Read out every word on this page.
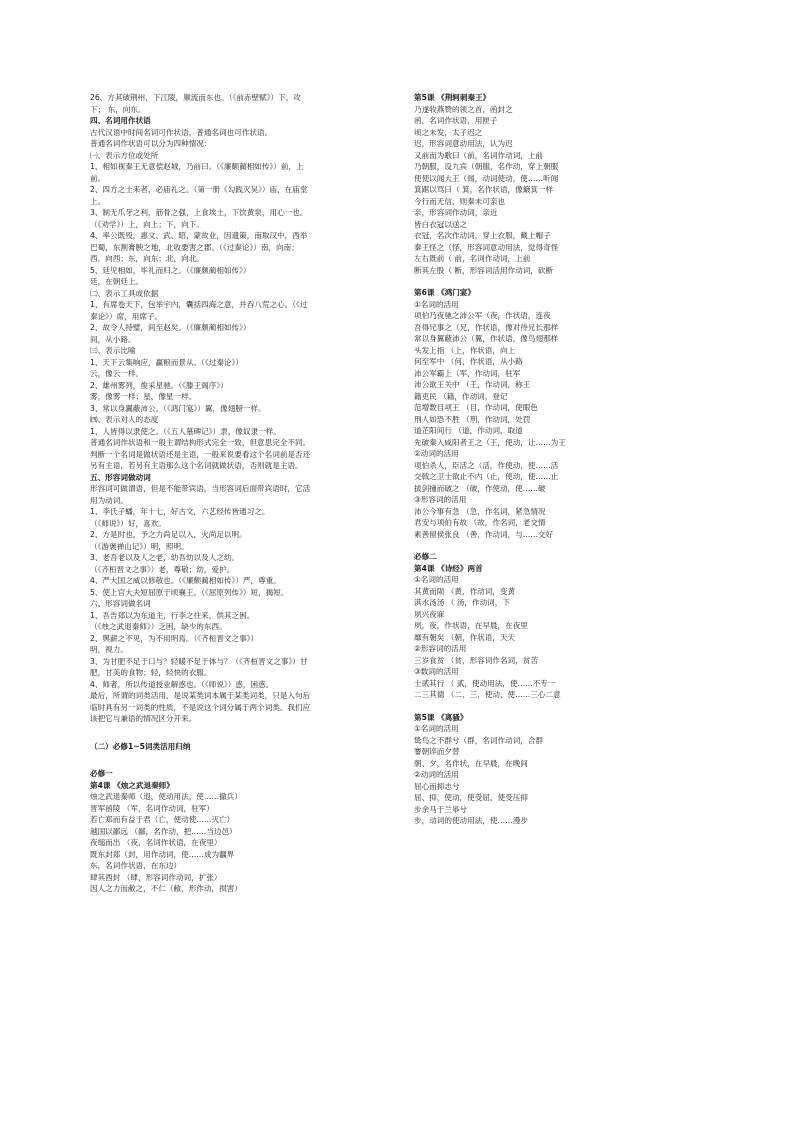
26、方其破荆州，下江陵，顺流而东也。（《前赤壁赋》）下，攻
下； 东，向东。
四、名词用作状语
古代汉语中时间名词可作状语，普通名词也可作状语。
普通名词作状语可以分为四种情况：
㈠、表示方位或处所
1、相如视秦王无意偿赵城，乃前曰。（《廉颇蔺相如传》）前，上
前。
2、四方之士来者，必庙礼之。（第一册《勾践灭吴》）庙，在庙堂
上。
3、制无爪牙之利，筋骨之强，上食埃土，下饮黄泉，用心一也。
（《劝学》）上，向上；下，向下。
4、率公既殁，惠文、武、昭，蒙故业，因遗策，南取汉中，西举
巴蜀，东割膏腴之地，北收要害之郡。（《过秦论》）南，向南；
西，向西；东，向东；北，向北。
5、廷见相如，毕礼而归之。（《廉颇蔺相如传》）
廷，在朝廷上。
㈡、表示工具或依据
1、有席卷天下，包举宇内，囊括四海之意，并吞八荒之心。（《过
秦论》）席，用席子。
2、故令人持璧，间至赵矣。（《廉颇蔺相如传》）
间，从小路。
㈢、表示比喻
1、天下云集响应，赢粮而景从。（《过秦论》）
云，像云一样。
2、雄州雾列，俊采星驰。（《滕王阁序》）
雾，像雾一样；星，像星一样。
3、常以身翼蔽沛公。（《鸿门宴》）翼，像翅膀一样。
㈣、表示对人的态度
1、人皆得以隶使之。（《五人墓碑记》）隶，像奴隶一样。
普通名词作状语和一般主谓结构形式完全一致，但意思完全不同。
判断一个名词是做状语还是主语，一般来说要看这个名词前是否还
另有主语，若另有主语那么这个名词就做状语，否则就是主语。
五、形容词做动词
形容词可做谓语，但是不能带宾语，当形容词后面带宾语时，它活
用为动词。
1、李氏子蟠，年十七，好古文，六艺经传皆通习之。
（《师说》）好，喜欢。
2、方是时也，予之力尚足以入，火尚足以明。
（《游褒禅山记》）明，照明。
3、老吾老以及人之老，幼吾幼以及人之幼。
（《齐桓晋文之事》）老，尊敬；幼，爱护。
4、严大国之威以修敬也。（《廉颇蔺相如传》）严，尊重。
5、使上官大夫短屈原于顷襄王。（《屈原列传》）短，揭短。
六、形容词做名词
1、吾告郑以为东道主，行李之往来，供其乏困。
（《烛之武退秦师》）乏困，缺少的东西。
2、舆薪之不见，为不用明焉。（《齐桓晋文之事》）
明，视力。
3、为甘肥不足于口与？轻暖不足于体与？（《齐桓晋文之事》）甘
肥，甘美的食物；轻，轻快的衣服。
4、师者，所以传道授业解惑也。（《师说》）惑，困惑。
最后，所谓的词类活用，是说某类词本属于某类词类，只是入句后
临时具有另一词类的性质，不是说这个词分属于两个词类。我们应
该把它与兼语的情况区分开来。
（二）必修1~5词类活用归纳
必修一
第4课 《烛之武退秦师》
烛之武退秦师（退，使动用法，使……撤兵）
晋军函陵 （军，名词作动词，驻军）
若亡郑而有益于君（亡，使动使……灭亡）
越国以鄙远 （鄙，名作动，把……当边邑）
夜缒而出 （夜，名词作状语，在夜里）
既东封郑（封，用作动词，使……成为疆界
东，名词作状语，在东边）
肆其西封 （肆，形容词作动词，扩张）
因人之力而敝之，不仁（敝，形作动，损害）
第5课 《荆轲刺秦王》
乃遂收燕赞的领之首，函封之
函，名词作状语，用匣子
顷之未发，太子迟之
迟，形容词意动用法，认为迟
又前而为歌曰（前，名词作动词，上前
乃朝服，设九宾（朝服，名作动，穿上朝服
使使以闻大王（闻，动词使动，使……听闻
箕踞以骂曰（ 箕，名作状语，像簸箕一样
今行而无信，则秦未可亲也
亲，形容词作动词，亲近
皆白衣冠以送之
衣冠，名次作动词，穿上衣服，戴上帽子
秦王怪之（怪，形容词意动用法，觉得奇怪
左右既前（ 前，名词作动词，上前
断其左股（ 断，形容词活用作动词，砍断
第6课 《鸿门宴》
①名词的活用
项伯乃夜驰之沛公军（夜，作状语，连夜
吾得兄事之（兄，作状语，像对待兄长那样
常以身翼蔽沛公（翼，作状语，像鸟翅那样
头发上指 （上，作状语，向上
何至军中 （何，作状语，从小路
沛公军霸上（军，作动词，驻军
沛公欲王关中 （王，作动词，称王
籍吏民 （籍，作动词，登记
范增数目项王 （目，作动词，使眼色
刑人如恐不胜 （刑，作动词，处罚
道芷阳间行 （道，作动词，取道
先破秦入咸阳者王之（王，使动，让……为王
②动词的活用
项伯杀人，臣活之（活，作使动，使……活
交戟之卫士欲止不内（止，使动，使……止
拔剑撞而破之 （破，作使动，使……破
③形容词的活用
沛公今事有急 （急，作名词，紧急情况
君安与项伯有故 （故，作名词，老交情
素善留侯张良 （善，作动词，与……交好
必修二
第4课 《诗经》两首
①名词的活用
其黄而陨 （黄，作动词，变黄
淇水汤汤 （ 汤，作动词，下
夙兴夜寐
夙，夜，作状语，在早晨，在夜里
靡有朝矣 （朝，作状语，天天
②形容词的活用
三岁食贫 （贫，形容词作名词，贫苦
③数词的活用
士贰其行 （ 贰，使动用法，使……不专一
二三其德 （二、三，使动，使……三心二意
第5课 《离骚》
①名词的活用
鸷鸟之不群兮（群，名词作动词，合群
謇朝谇而夕替
朝、夕，名作状，在早晨，在晚间
②动词的活用
屈心而抑志兮
屈、抑，使动，使受屈，使受压抑
步余马于兰皋兮
步，动词的使动用法，使……漫步
